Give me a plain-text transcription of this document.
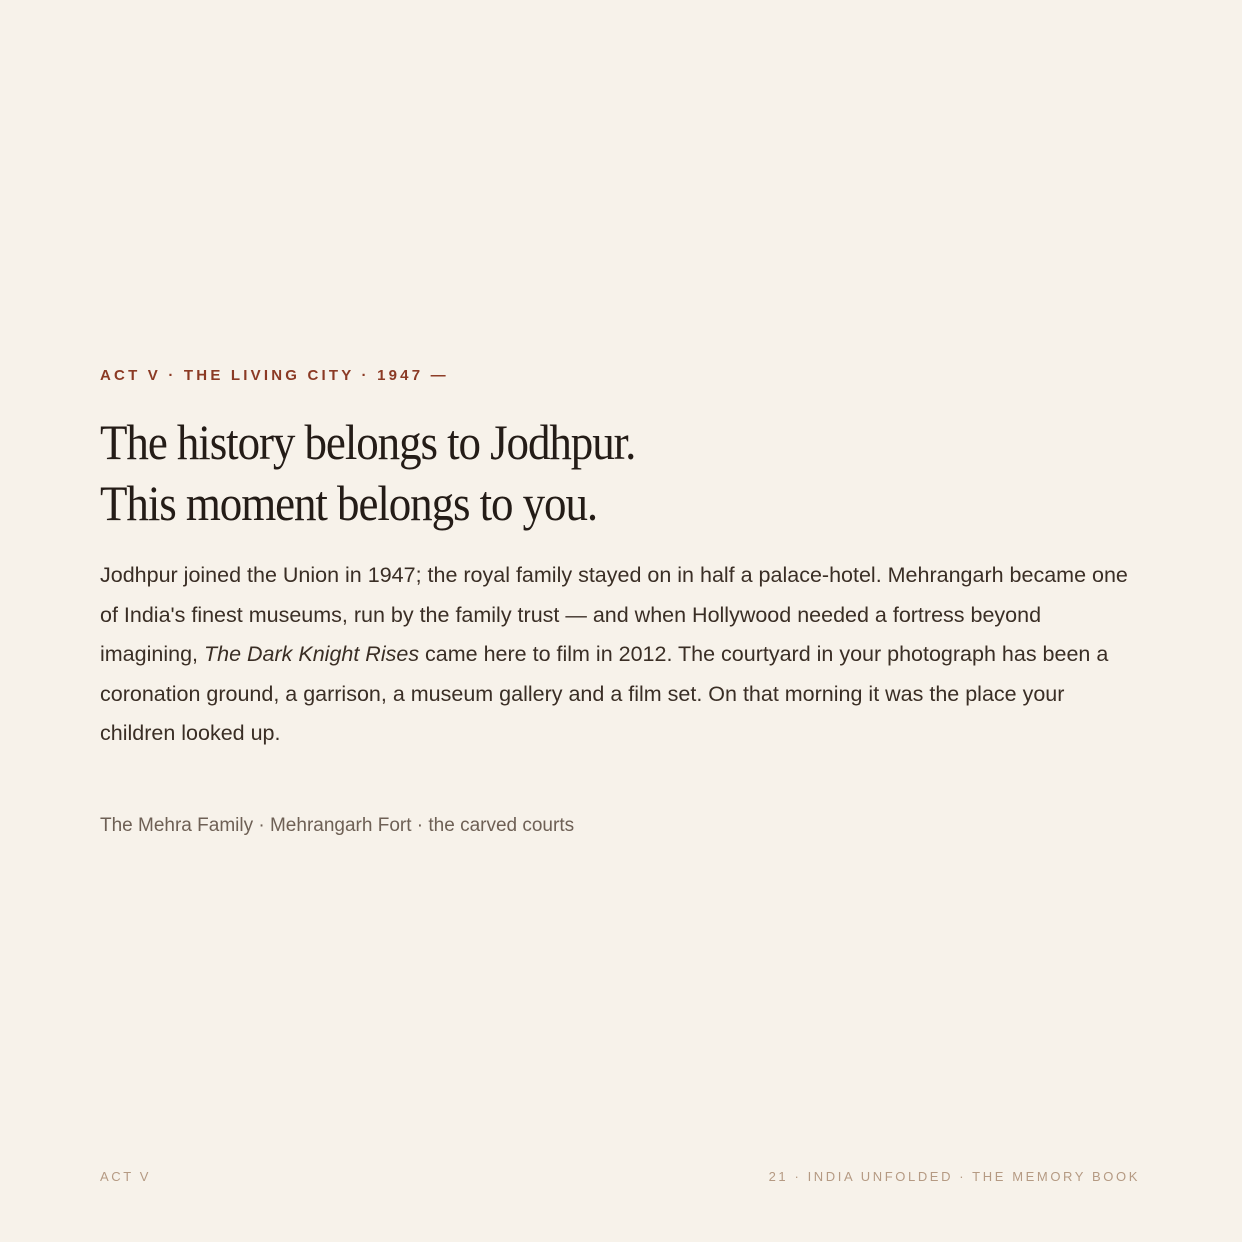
ACT V · THE LIVING CITY · 1947 —

The history belongs to Jodhpur.
This moment belongs to you.

Jodhpur joined the Union in 1947; the royal family stayed on in half a palace-hotel. Mehrangarh became one of India's finest museums, run by the family trust — and when Hollywood needed a fortress beyond imagining, The Dark Knight Rises came here to film in 2012. The courtyard in your photograph has been a coronation ground, a garrison, a museum gallery and a film set. On that morning it was the place your children looked up.

The Mehra Family · Mehrangarh Fort · the carved courts

ACT V	21 · INDIA UNFOLDED · THE MEMORY BOOK
